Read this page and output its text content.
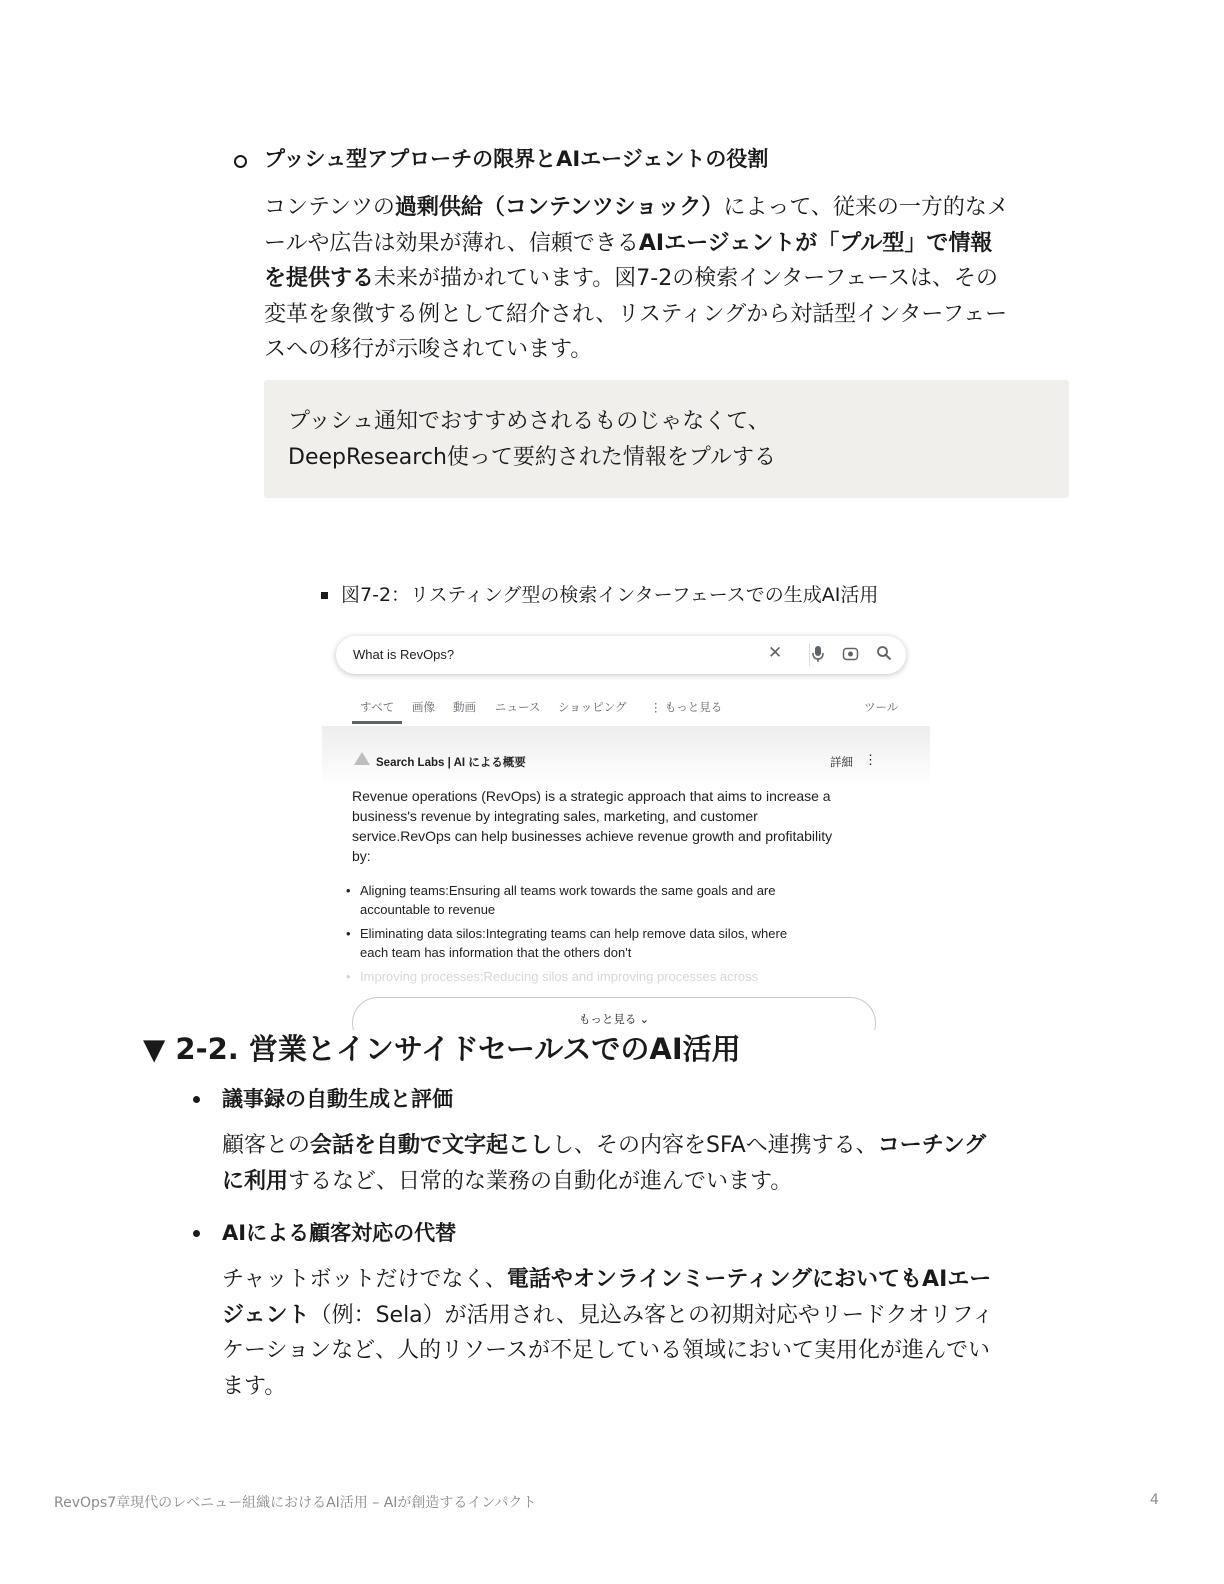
プッシュ型アプローチの限界とAIエージェントの役割
コンテンツの過剰供給（コンテンツショック）によって、従来の一方的なメ
ールや広告は効果が薄れ、信頼できるAIエージェントが「プル型」で情報
を提供する未来が描かれています。図7-2の検索インターフェースは、その
変革を象徴する例として紹介され、リスティングから対話型インターフェー
スへの移行が示唆されています。
プッシュ通知でおすすめされるものじゃなくて、
DeepResearch使って要約された情報をプルする
図7-2：リスティング型の検索インターフェースでの生成AI活用
What is RevOps?	✕
すべて 画像 動画 ニュース ショッピング ⋮ もっと見る	ツール
Search Labs | AI による概要	詳細 ⋮
Revenue operations (RevOps) is a strategic approach that aims to increase a
business's revenue by integrating sales, marketing, and customer
service.RevOps can help businesses achieve revenue growth and profitability
by:
• Aligning teams:Ensuring all teams work towards the same goals and are
accountable to revenue
• Eliminating data silos:Integrating teams can help remove data silos, where
each team has information that the others don't
• Improving processes:Reducing silos and improving processes across
もっと見る ⌄
▼ 2-2. 営業とインサイドセールスでのAI活用
議事録の自動生成と評価
顧客との会話を自動で文字起こしし、その内容をSFAへ連携する、コーチング
に利用するなど、日常的な業務の自動化が進んでいます。
AIによる顧客対応の代替
チャットボットだけでなく、電話やオンラインミーティングにおいてもAIエー
ジェント（例：Sela）が活用され、見込み客との初期対応やリードクオリフィ
ケーションなど、人的リソースが不足している領域において実用化が進んでい
ます。
RevOps7章現代のレベニュー組織におけるAI活用 – AIが創造するインパクト	4
